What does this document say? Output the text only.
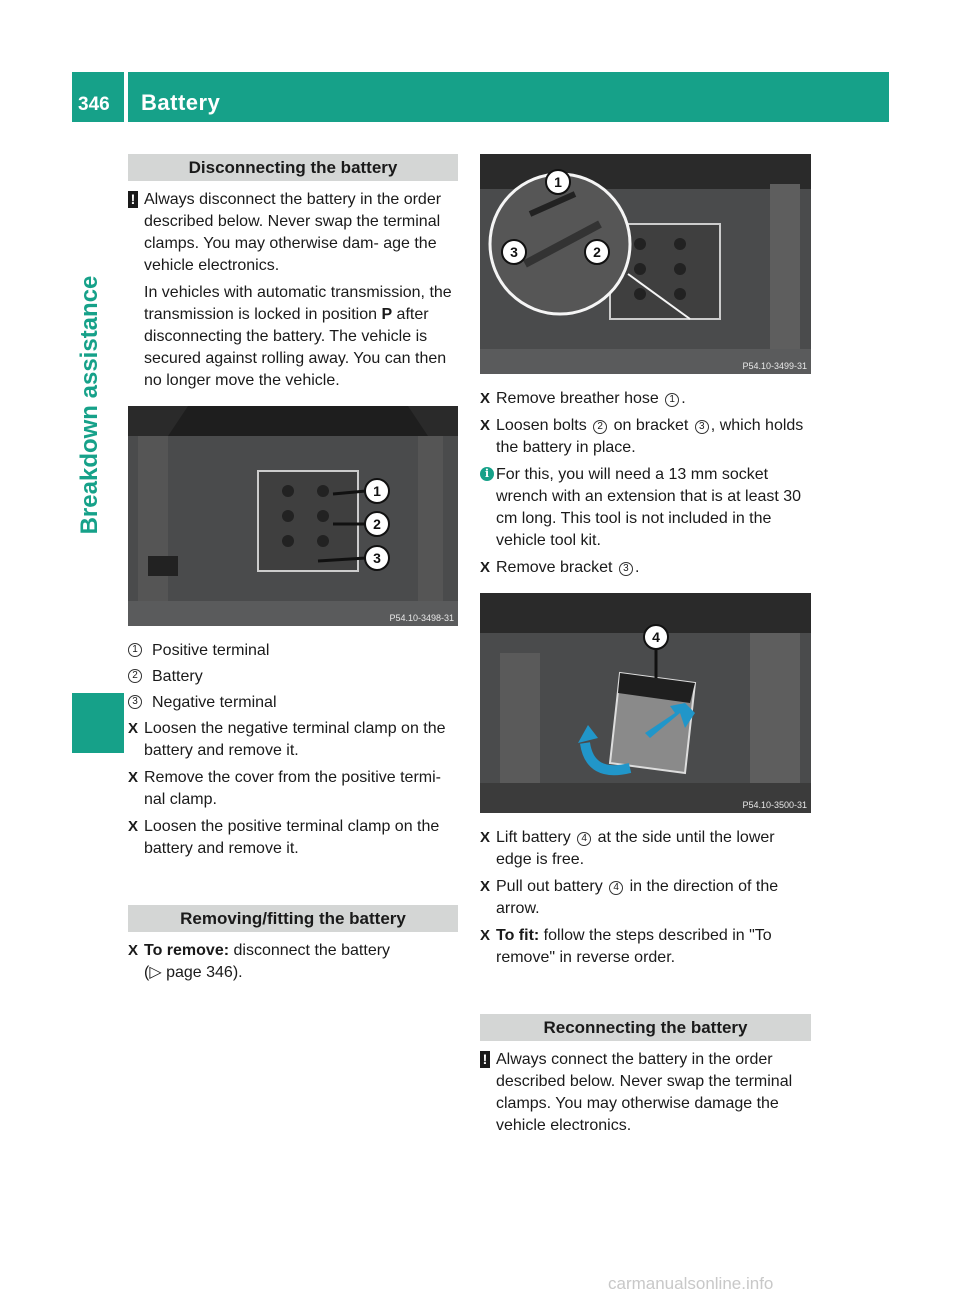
346 Battery
Breakdown assistance
Disconnecting the battery
! Always disconnect the battery in the order described below. Never swap the terminal clamps. You may otherwise dam- age the vehicle electronics.
In vehicles with automatic transmission, the transmission is locked in position P after disconnecting the battery. The vehicle is secured against rolling away. You can then no longer move the vehicle.
1
2
3
P54.10-3498-31
1 Positive terminal
2 Battery
3 Negative terminal
X Loosen the negative terminal clamp on the battery and remove it.
X Remove the cover from the positive termi- nal clamp.
X Loosen the positive terminal clamp on the battery and remove it.
Removing/fitting the battery
X To remove: disconnect the battery
(▷ page 346).
1
2
3
P54.10-3499-31
X Remove breather hose 1 .
X Loosen bolts 2 on bracket 3 , which holds the battery in place.
i For this, you will need a 13 mm socket wrench with an extension that is at least 30 cm long. This tool is not included in the vehicle tool kit.
X Remove bracket 3 .
4
P54.10-3500-31
X Lift battery 4 at the side until the lower edge is free.
X Pull out battery 4 in the direction of the arrow.
X To fit: follow the steps described in "To remove" in reverse order.
Reconnecting the battery
! Always connect the battery in the order described below. Never swap the terminal clamps. You may otherwise damage the vehicle electronics.
carmanualsonline.info
